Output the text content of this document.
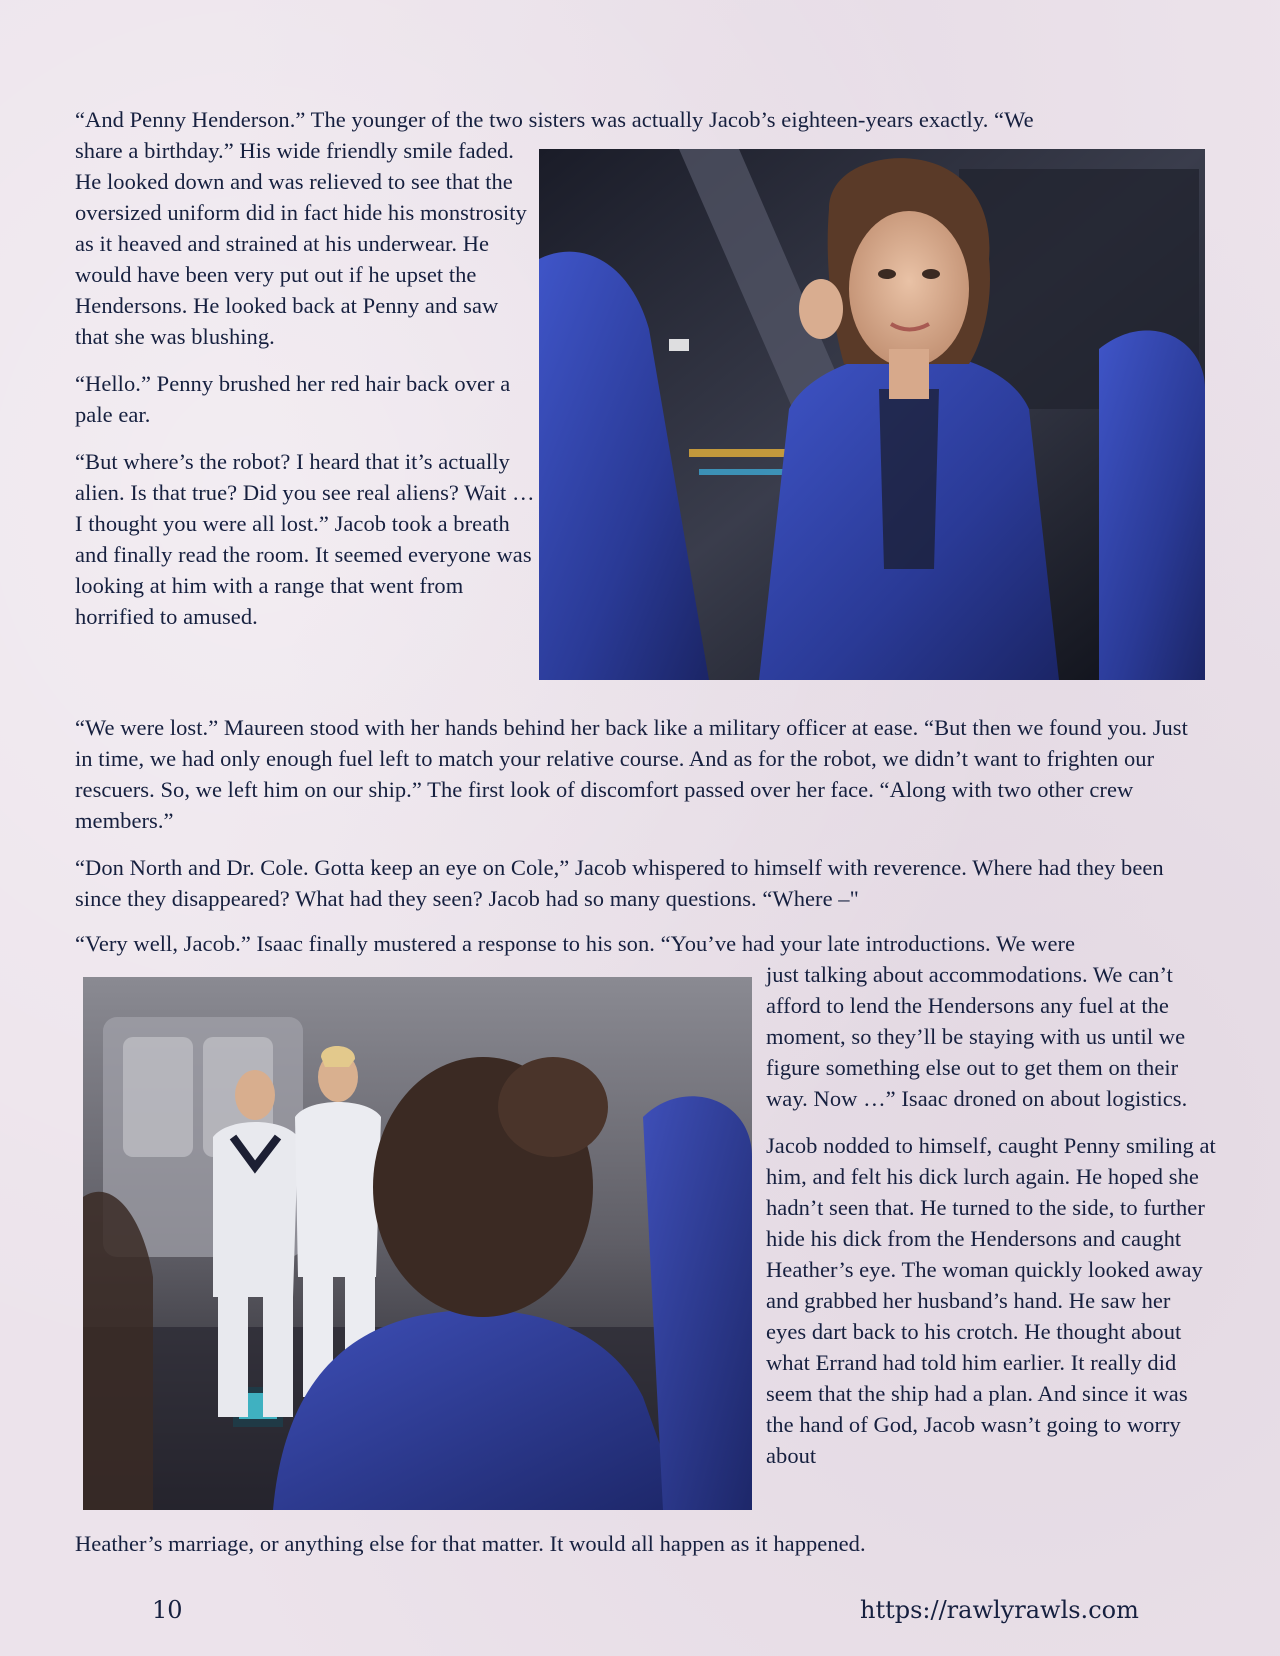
“And Penny Henderson.” The younger of the two sisters was actually Jacob’s eighteen-years exactly. “We

share a birthday.” His wide friendly smile faded. He looked down and was relieved to see that the oversized uniform did in fact hide his monstrosity as it heaved and strained at his underwear. He would have been very put out if he upset the Hendersons. He looked back at Penny and saw that she was blushing.

“Hello.” Penny brushed her red hair back over a pale ear.

“But where’s the robot? I heard that it’s actually alien. Is that true? Did you see real aliens? Wait … I thought you were all lost.” Jacob took a breath and finally read the room. It seemed everyone was looking at him with a range that went from horrified to amused.

“We were lost.” Maureen stood with her hands behind her back like a military officer at ease. “But then we found you. Just in time, we had only enough fuel left to match your relative course. And as for the robot, we didn’t want to frighten our rescuers. So, we left him on our ship.” The first look of discomfort passed over her face. “Along with two other crew members.”

“Don North and Dr. Cole. Gotta keep an eye on Cole,” Jacob whispered to himself with reverence. Where had they been since they disappeared? What had they seen? Jacob had so many questions. “Where –"

“Very well, Jacob.” Isaac finally mustered a response to his son. “You’ve had your late introductions. We were

just talking about accommodations. We can’t afford to lend the Hendersons any fuel at the moment, so they’ll be staying with us until we figure something else out to get them on their way. Now …” Isaac droned on about logistics.

Jacob nodded to himself, caught Penny smiling at him, and felt his dick lurch again. He hoped she hadn’t seen that. He turned to the side, to further hide his dick from the Hendersons and caught Heather’s eye. The woman quickly looked away and grabbed her husband’s hand. He saw her eyes dart back to his crotch. He thought about what Errand had told him earlier. It really did seem that the ship had a plan. And since it was the hand of God, Jacob wasn’t going to worry about

Heather’s marriage, or anything else for that matter. It would all happen as it happened.

10	https://rawlyrawls.com
